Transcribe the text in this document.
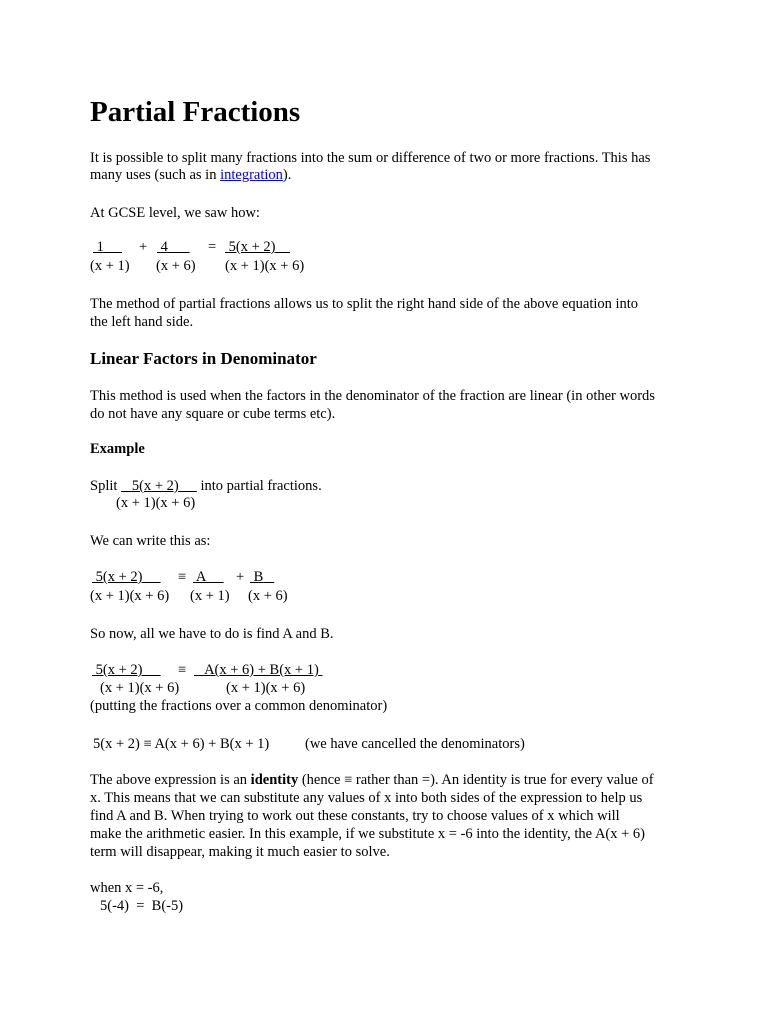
Partial Fractions

It is possible to split many fractions into the sum or difference of two or more fractions. This has

many uses (such as in integration).

At GCSE level, we saw how:

1	+ 4	= 5(x + 2)
(x + 1) (x + 6) (x + 1)(x + 6)

The method of partial fractions allows us to split the right hand side of the above equation into

the left hand side.

Linear Factors in Denominator

This method is used when the factors in the denominator of the fraction are linear (in other words

do not have any square or cube terms etc).

Example

Split    5(x + 2)      into partial fractions.

(x + 1)(x + 6)

We can write this as:

5(x + 2)	≡ A	+ B
(x + 1)(x + 6) (x + 1) (x + 6)

So now, all we have to do is find A and B.

5(x + 2)	≡	A(x + 6) + B(x + 1)
(x + 1)(x + 6)	(x + 1)(x + 6)

(putting the fractions over a common denominator)

5(x + 2) ≡ A(x + 6) + B(x + 1) (we have cancelled the denominators)

The above expression is an identity (hence ≡ rather than =). An identity is true for every value of

x. This means that we can substitute any values of x into both sides of the expression to help us

find A and B. When trying to work out these constants, try to choose values of x which will

make the arithmetic easier. In this example, if we substitute x = -6 into the identity, the A(x + 6)

term will disappear, making it much easier to solve.

when x = -6,

5(-4)  =  B(-5)
